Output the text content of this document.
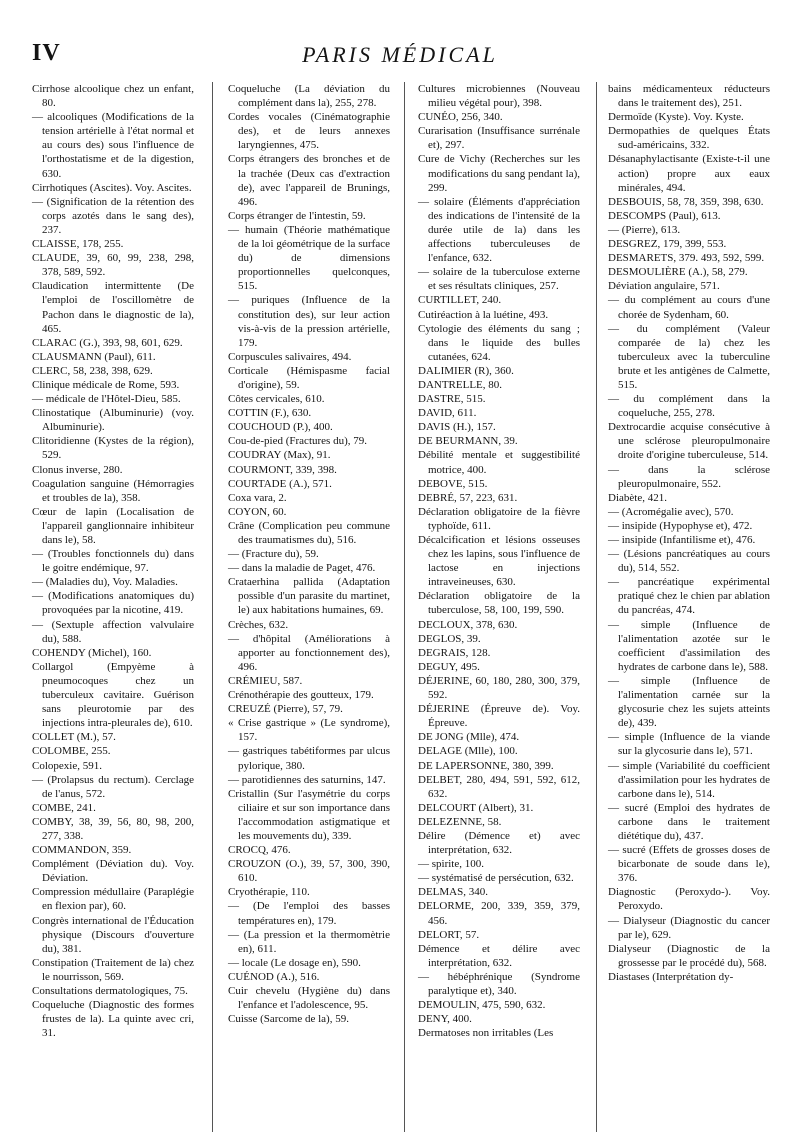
IV	PARIS MÉDICAL

Cirrhose alcoolique chez un enfant, 80.

— alcooliques (Modifications de la tension artérielle à l'état normal et au cours des) sous l'influence de l'orthostatisme et de la digestion, 630.

Cirrhotiques (Ascites). Voy. Ascites.

— (Signification de la rétention des corps azotés dans le sang des), 237.

CLAISSE, 178, 255.

CLAUDE, 39, 60, 99, 238, 298, 378, 589, 592.

Claudication intermittente (De l'emploi de l'oscillomètre de Pachon dans le diagnostic de la), 465.

CLARAC (G.), 393, 98, 601, 629.

CLAUSMANN (Paul), 611.

CLERC, 58, 238, 398, 629.

Clinique médicale de Rome, 593.

— médicale de l'Hôtel-Dieu, 585.

Clinostatique (Albuminurie) (voy. Albuminurie).

Clitoridienne (Kystes de la région), 529.

Clonus inverse, 280.

Coagulation sanguine (Hémorragies et troubles de la), 358.

Cœur de lapin (Localisation de l'appareil ganglionnaire inhibiteur dans le), 58.

— (Troubles fonctionnels du) dans le goitre endémique, 97.

— (Maladies du), Voy. Maladies.

— (Modifications anatomiques du) provoquées par la nicotine, 419.

— (Sextuple affection valvulaire du), 588.

COHENDY (Michel), 160.

Collargol (Empyème à pneumocoques chez un tuberculeux cavitaire. Guérison sans pleurotomie par des injections intra-pleurales de), 610.

COLLET (M.), 57.

COLOMBE, 255.

Colopexie, 591.

— (Prolapsus du rectum). Cerclage de l'anus, 572.

COMBE, 241.

COMBY, 38, 39, 56, 80, 98, 200, 277, 338.

COMMANDON, 359.

Complément (Déviation du). Voy. Déviation.

Compression médullaire (Paraplégie en flexion par), 60.

Congrès international de l'Éducation physique (Discours d'ouverture du), 381.

Constipation (Traitement de la) chez le nourrisson, 569.

Consultations dermatologiques, 75.

Coqueluche (Diagnostic des formes frustes de la). La quinte avec cri, 31.

Coqueluche (La déviation du complément dans la), 255, 278.

Cordes vocales (Cinématographie des), et de leurs annexes laryngiennes, 475.

Corps étrangers des bronches et de la trachée (Deux cas d'extraction de), avec l'appareil de Brunings, 496.

Corps étranger de l'intestin, 59.

— humain (Théorie mathématique de la loi géométrique de la surface du) de dimensions proportionnelles quelconques, 515.

— puriques (Influence de la constitution des), sur leur action vis-à-vis de la pression artérielle, 179.

Corpuscules salivaires, 494.

Corticale (Hémispasme facial d'origine), 59.

Côtes cervicales, 610.

COTTIN (F.), 630.

COUCHOUD (P.), 400.

Cou-de-pied (Fractures du), 79.

COUDRAY (Max), 91.

COURMONT, 339, 398.

COURTADE (A.), 571.

Coxa vara, 2.

COYON, 60.

Crâne (Complication peu commune des traumatismes du), 516.

— (Fracture du), 59.

— dans la maladie de Paget, 476.

Crataerhina pallida (Adaptation possible d'un parasite du martinet, le) aux habitations humaines, 69.

Crèches, 632.

— d'hôpital (Améliorations à apporter au fonctionnement des), 496.

CRÉMIEU, 587.

Crénothérapie des goutteux, 179.

CREUZÉ (Pierre), 57, 79.

« Crise gastrique » (Le syndrome), 157.

— gastriques tabétiformes par ulcus pylorique, 380.

— parotidiennes des saturnins, 147.

Cristallin (Sur l'asymétrie du corps ciliaire et sur son importance dans l'accommodation astigmatique et les mouvements du), 339.

CROCQ, 476.

CROUZON (O.), 39, 57, 300, 390, 610.

Cryothérapie, 110.

— (De l'emploi des basses températures en), 179.

— (La pression et la thermomètrie en), 611.

— locale (Le dosage en), 590.

CUÉNOD (A.), 516.

Cuir chevelu (Hygiène du) dans l'enfance et l'adolescence, 95.

Cuisse (Sarcome de la), 59.

Cultures microbiennes (Nouveau milieu végétal pour), 398.

CUNÉO, 256, 340.

Curarisation (Insuffisance surrénale et), 297.

Cure de Vichy (Recherches sur les modifications du sang pendant la), 299.

— solaire (Éléments d'appréciation des indications de l'intensité de la durée utile de la) dans les affections tuberculeuses de l'enfance, 632.

— solaire de la tuberculose externe et ses résultats cliniques, 257.

CURTILLET, 240.

Cutiréaction à la luétine, 493.

Cytologie des éléments du sang ; dans le liquide des bulles cutanées, 624.

DALIMIER (R), 360.

DANTRELLE, 80.

DASTRE, 515.

DAVID, 611.

DAVIS (H.), 157.

DE BEURMANN, 39.

Débilité mentale et suggestibilité motrice, 400.

DEBOVE, 515.

DEBRÉ, 57, 223, 631.

Déclaration obligatoire de la fièvre typhoïde, 611.

Décalcification et lésions osseuses chez les lapins, sous l'influence de lactose en injections intraveineuses, 630.

Déclaration obligatoire de la tuberculose, 58, 100, 199, 590.

DECLOUX, 378, 630.

DEGLOS, 39.

DEGRAIS, 128.

DEGUY, 495.

DÉJERINE, 60, 180, 280, 300, 379, 592.

DÉJERINE (Épreuve de). Voy. Épreuve.

DE JONG (Mlle), 474.

DELAGE (Mlle), 100.

DE LAPERSONNE, 380, 399.

DELBET, 280, 494, 591, 592, 612, 632.

DELCOURT (Albert), 31.

DELEZENNE, 58.

Délire (Démence et) avec interprétation, 632.

— spirite, 100.

— systématisé de persécution, 632.

DELMAS, 340.

DELORME, 200, 339, 359, 379, 456.

DELORT, 57.

Démence et délire avec interprétation, 632.

— hébéphrénique (Syndrome paralytique et), 340.

DEMOULIN, 475, 590, 632.

DENY, 400.

Dermatoses non irritables (Les

bains médicamenteux réducteurs dans le traitement des), 251.

Dermoïde (Kyste). Voy. Kyste.

Dermopathies de quelques États sud-américains, 332.

Désanaphylactisante (Existe-t-il une action) propre aux eaux minérales, 494.

DESBOUIS, 58, 78, 359, 398, 630.

DESCOMPS (Paul), 613.

— (Pierre), 613.

DESGREZ, 179, 399, 553.

DESMARETS, 379. 493, 592, 599.

DESMOULIÈRE (A.), 58, 279.

Déviation angulaire, 571.

— du complément au cours d'une chorée de Sydenham, 60.

— du complément (Valeur comparée de la) chez les tuberculeux avec la tuberculine brute et les antigènes de Calmette, 515.

— du complément dans la coqueluche, 255, 278.

Dextrocardie acquise consécutive à une sclérose pleuropulmonaire droite d'origine tuberculeuse, 514.

— dans la sclérose pleuropulmonaire, 552.

Diabète, 421.

— (Acromégalie avec), 570.

— insipide (Hypophyse et), 472.

— insipide (Infantilisme et), 476.

— (Lésions pancréatiques au cours du), 514, 552.

— pancréatique expérimental pratiqué chez le chien par ablation du pancréas, 474.

— simple (Influence de l'alimentation azotée sur le coefficient d'assimilation des hydrates de carbone dans le), 588.

— simple (Influence de l'alimentation carnée sur la glycosurie chez les sujets atteints de), 439.

— simple (Influence de la viande sur la glycosurie dans le), 571.

— simple (Variabilité du coefficient d'assimilation pour les hydrates de carbone dans le), 514.

— sucré (Emploi des hydrates de carbone dans le traitement diététique du), 437.

— sucré (Effets de grosses doses de bicarbonate de soude dans le), 376.

Diagnostic (Peroxydo-). Voy. Peroxydo.

— Dialyseur (Diagnostic du cancer par le), 629.

Dialyseur (Diagnostic de la grossesse par le procédé du), 568.

Diastases (Interprétation dy-
